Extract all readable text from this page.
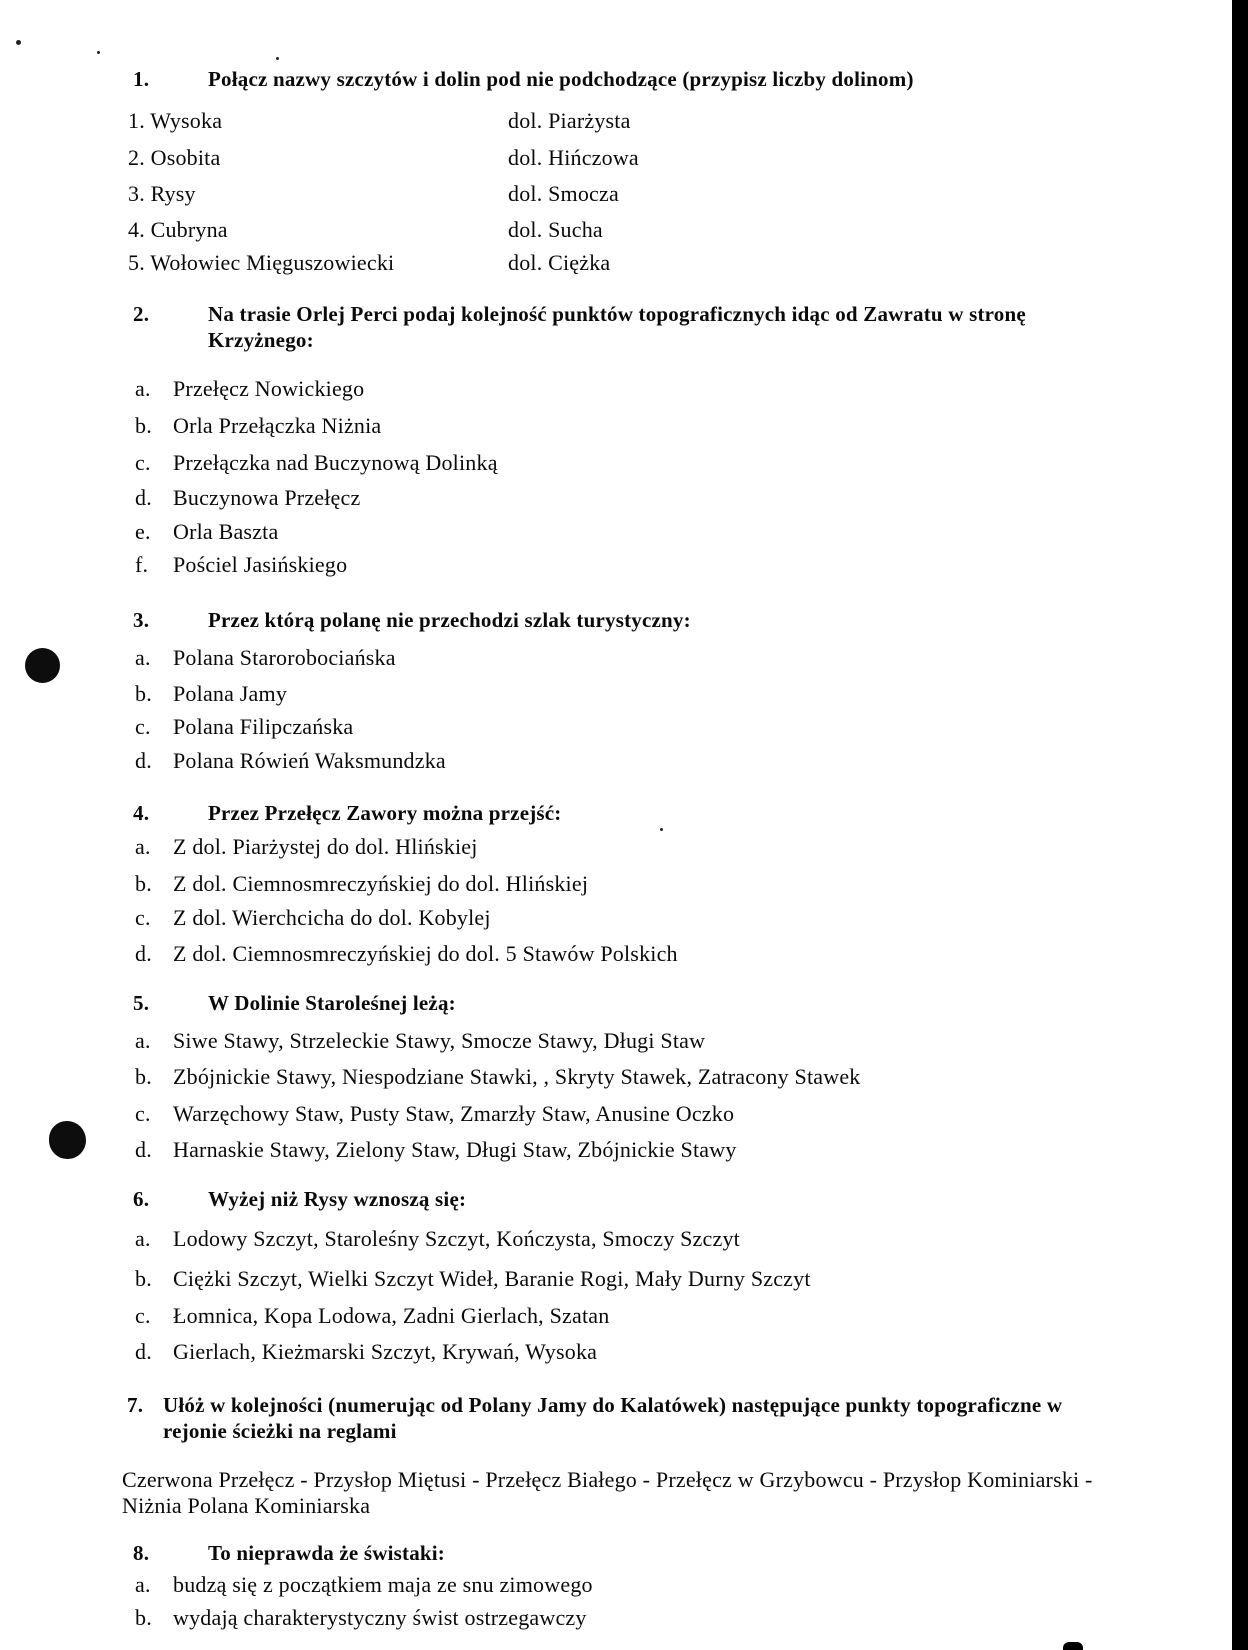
1.	Połącz nazwy szczytów i dolin pod nie podchodzące (przypisz liczby dolinom)
1. Wysoka	dol. Piarżysta
2. Osobita	dol. Hińczowa
3. Rysy	dol. Smocza
4. Cubryna	dol. Sucha
5. Wołowiec Mięguszowiecki	dol. Ciężka
2.	Na trasie Orlej Perci podaj kolejność punktów topograficznych idąc od Zawratu w stronę
Krzyżnego:
a. Przełęcz Nowickiego
b. Orla Przełączka Niżnia
c. Przełączka nad Buczynową Dolinką
d. Buczynowa Przełęcz
e. Orla Baszta
f. Pościel Jasińskiego
3.	Przez którą polanę nie przechodzi szlak turystyczny:
a. Polana Starorobociańska
b. Polana Jamy
c. Polana Filipczańska
d. Polana Rówień Waksmundzka
4.	Przez Przełęcz Zawory można przejść:
a. Z dol. Piarżystej do dol. Hlińskiej
b. Z dol. Ciemnosmreczyńskiej do dol. Hlińskiej
c. Z dol. Wierchcicha do dol. Kobylej
d. Z dol. Ciemnosmreczyńskiej do dol. 5 Stawów Polskich
5.	W Dolinie Staroleśnej leżą:
a. Siwe Stawy, Strzeleckie Stawy, Smocze Stawy, Długi Staw
b. Zbójnickie Stawy, Niespodziane Stawki, , Skryty Stawek, Zatracony Stawek
c. Warzęchowy Staw, Pusty Staw, Zmarzły Staw, Anusine Oczko
d. Harnaskie Stawy, Zielony Staw, Długi Staw, Zbójnickie Stawy
6.	Wyżej niż Rysy wznoszą się:
a. Lodowy Szczyt, Staroleśny Szczyt, Kończysta, Smoczy Szczyt
b. Ciężki Szczyt, Wielki Szczyt Wideł, Baranie Rogi, Mały Durny Szczyt
c. Łomnica, Kopa Lodowa, Zadni Gierlach, Szatan
d. Gierlach, Kieżmarski Szczyt, Krywań, Wysoka
7. Ułóż w kolejności (numerując od Polany Jamy do Kalatówek) następujące punkty topograficzne w
rejonie ścieżki na reglami
Czerwona Przełęcz - Przysłop Miętusi - Przełęcz Białego - Przełęcz w Grzybowcu - Przysłop Kominiarski -
Niżnia Polana Kominiarska
8.	To nieprawda że świstaki:
a. budzą się z początkiem maja ze snu zimowego
b. wydają charakterystyczny świst ostrzegawczy
